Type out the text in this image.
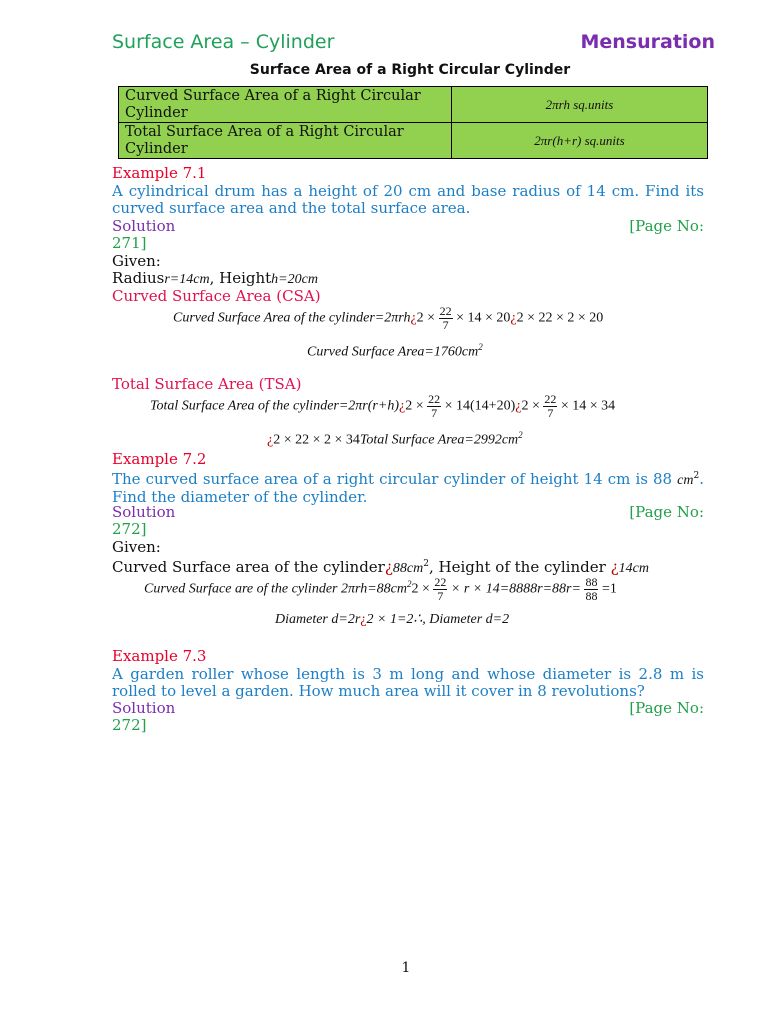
Surface Area – Cylinder	Mensuration
Surface Area of a Right Circular Cylinder
Curved Surface Area of a Right Circular Cylinder	2πrh sq.units
Total Surface Area of a Right Circular Cylinder	2πr(h+r) sq.units
Example 7.1
A cylindrical drum has a height of 20 cm and base radius of 14 cm. Find its curved surface area and the total surface area.
Solution	[Page No:
271]
Given:
Radiusr=14cm, Heighth=20cm
Curved Surface Area (CSA)
Curved Surface Area of the cylinder=2πrh¿2 × $\frac{22}{7} \times 14$ × 20¿2 × 22 × 2 × 20
Curved Surface $Area=1760cm^2$
Total Surface Area (TSA)
Total Surface Area of the cylinder=2πr(r+h)¿2 × $\frac{22}{7}$ × 14(14+20)¿2 × $\frac{22}{7} \times 14 \times 34$
¿2 × 22 × 2 × 34Total Surface $Area=2992cm^2$
Example 7.2
The curved surface area of a right circular cylinder of height 14 cm is 88 $cm^2$. Find the diameter of the cylinder.
Solution	[Page No:
272]
Given:
Curved Surface area of the $cylinder¿88cm^2$, Height of the cylinder ¿14cm
Curved Surface are of the cylinder $2\pi rh=88cm^22 \times \frac{22}{7} \times r \times 14=8888r=88r= \frac{88}{88} =1$
Diameter d=2r¿2 × 1=2∴, Diameter d=2
Example 7.3
A garden roller whose length is 3 m long and whose diameter is 2.8 m is rolled to level a garden. How much area will it cover in 8 revolutions?
Solution	[Page No:
272]
1
